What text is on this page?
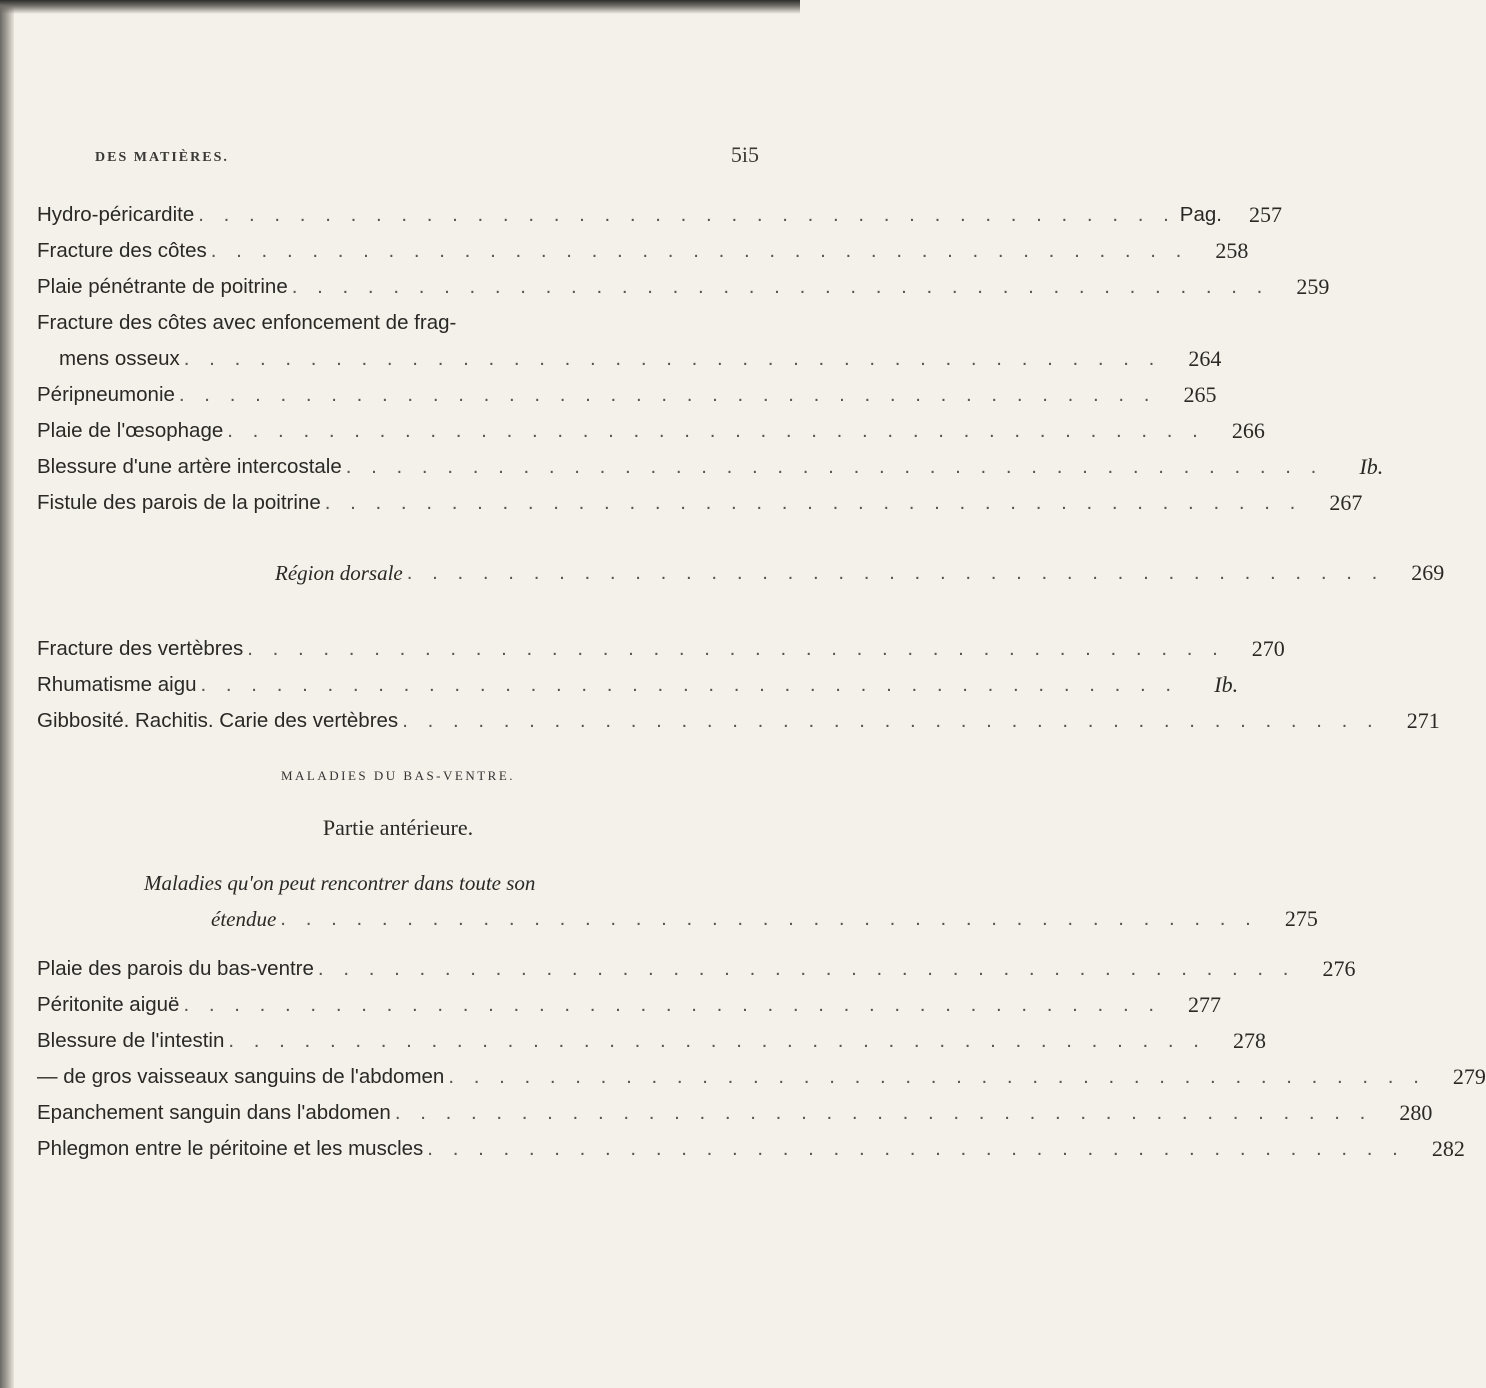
DES MATIÈRES.	5i5
Hydro-péricardite . . . . . . . . . . . . . . . . . . . . . . . . . . . . . . . . . . . . . . . Pag.	257
Fracture des côtes . . . . . . . . . . . . . . . . . . . . . . . . . . . . . . . . . . . . . . .	258
Plaie pénétrante de poitrine . . . . . . . . . . . . . . . . . . . . . . . . . . . . . . . . . . . . . . .	259
Fracture des côtes avec enfoncement de frag-
mens osseux . . . . . . . . . . . . . . . . . . . . . . . . . . . . . . . . . . . . . . .	264
Péripneumonie . . . . . . . . . . . . . . . . . . . . . . . . . . . . . . . . . . . . . . .	265
Plaie de l'œsophage . . . . . . . . . . . . . . . . . . . . . . . . . . . . . . . . . . . . . . .	266
Blessure d'une artère intercostale . . . . . . . . . . . . . . . . . . . . . . . . . . . . . . . . . . . . . . .	Ib.
Fistule des parois de la poitrine . . . . . . . . . . . . . . . . . . . . . . . . . . . . . . . . . . . . . . .	267
Région dorsale . . . . . . . . . . . . . . . . . . . . . . . . . . . . . . . . . . . . . . .	269
Fracture des vertèbres . . . . . . . . . . . . . . . . . . . . . . . . . . . . . . . . . . . . . . .	270
Rhumatisme aigu . . . . . . . . . . . . . . . . . . . . . . . . . . . . . . . . . . . . . . .	Ib.
Gibbosité. Rachitis. Carie des vertèbres . . . . . . . . . . . . . . . . . . . . . . . . . . . . . . . . . . . . . . .	271
MALADIES DU BAS-VENTRE.
Partie antérieure.
Maladies qu'on peut rencontrer dans toute son
étendue . . . . . . . . . . . . . . . . . . . . . . . . . . . . . . . . . . . . . . .	275
Plaie des parois du bas-ventre . . . . . . . . . . . . . . . . . . . . . . . . . . . . . . . . . . . . . . .	276
Péritonite aiguë . . . . . . . . . . . . . . . . . . . . . . . . . . . . . . . . . . . . . . .	277
Blessure de l'intestin . . . . . . . . . . . . . . . . . . . . . . . . . . . . . . . . . . . . . . .	278
— de gros vaisseaux sanguins de l'abdomen . . . . . . . . . . . . . . . . . . . . . . . . . . . . . . . . . . . . . . .	279
Epanchement sanguin dans l'abdomen . . . . . . . . . . . . . . . . . . . . . . . . . . . . . . . . . . . . . . .	280
Phlegmon entre le péritoine et les muscles . . . . . . . . . . . . . . . . . . . . . . . . . . . . . . . . . . . . . . .	282
